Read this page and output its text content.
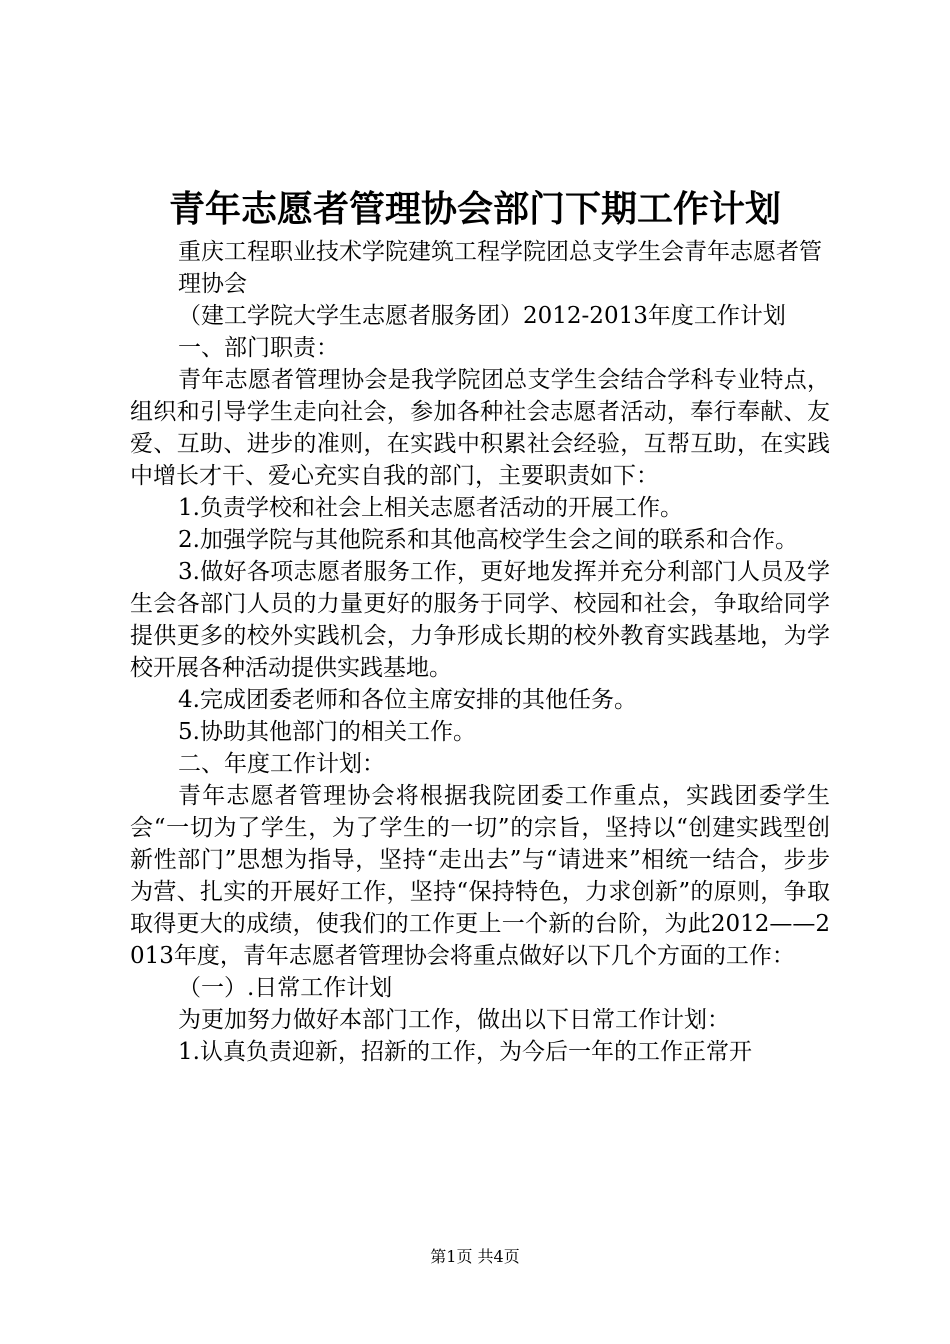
青年志愿者管理协会部门下期工作计划

重庆工程职业技术学院建筑工程学院团总支学生会青年志愿者管

理协会

（建工学院大学生志愿者服务团）2012-2013年度工作计划

一、部门职责：

青年志愿者管理协会是我学院团总支学生会结合学科专业特点，组织和引导学生走向社会，参加各种社会志愿者活动，奉行奉献、友爱、互助、进步的准则，在实践中积累社会经验，互帮互助，在实践中增长才干、爱心充实自我的部门，主要职责如下：

1.负责学校和社会上相关志愿者活动的开展工作。

2.加强学院与其他院系和其他高校学生会之间的联系和合作。

3.做好各项志愿者服务工作，更好地发挥并充分利部门人员及学生会各部门人员的力量更好的服务于同学、校园和社会，争取给同学提供更多的校外实践机会，力争形成长期的校外教育实践基地，为学校开展各种活动提供实践基地。

4.完成团委老师和各位主席安排的其他任务。

5.协助其他部门的相关工作。

二、年度工作计划：

青年志愿者管理协会将根据我院团委工作重点，实践团委学生会“一切为了学生，为了学生的一切”的宗旨，坚持以“创建实践型创新性部门”思想为指导，坚持“走出去”与“请进来”相统一结合，步步为营、扎实的开展好工作，坚持“保持特色，力求创新”的原则，争取取得更大的成绩，使我们的工作更上一个新的台阶，为此2012——2013年度，青年志愿者管理协会将重点做好以下几个方面的工作：

（一）.日常工作计划

为更加努力做好本部门工作，做出以下日常工作计划：

1.认真负责迎新，招新的工作，为今后一年的工作正常开

第1页 共4页
